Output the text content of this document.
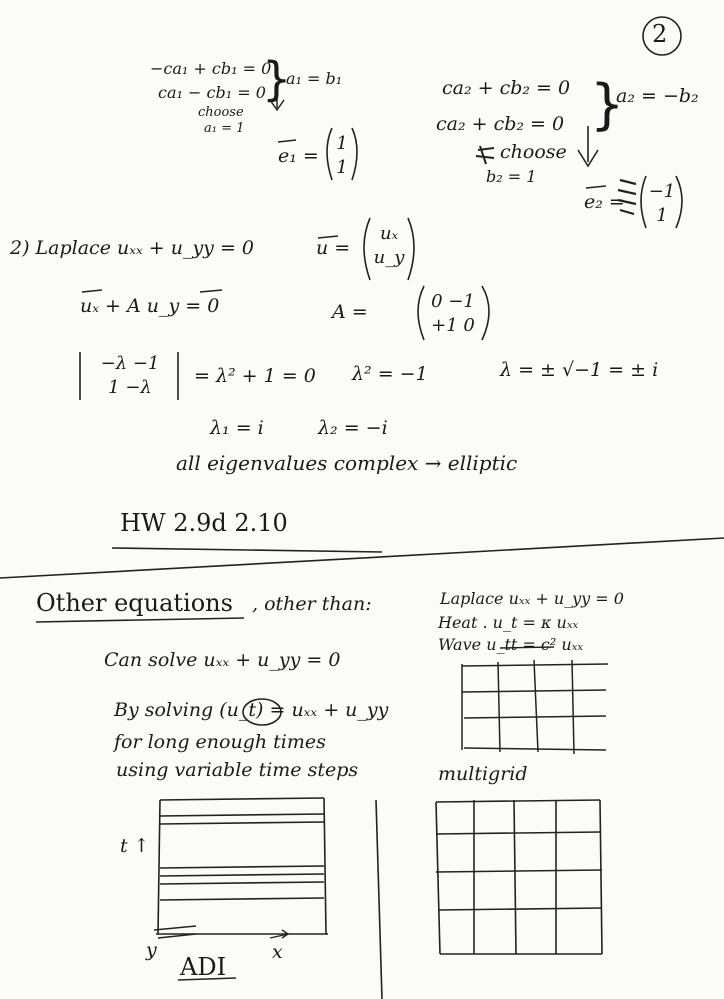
2
−ca₁ + cb₁ = 0
ca₁ − cb₁ = 0
}
a₁ = b₁
choose
a₁ = 1
e₁ =
1
1
ca₂ + cb₂ = 0
ca₂ + cb₂ = 0 }
a₂ = −b₂
choose
b₂ = 1
e₂ = −1
1
2) Laplace uₓₓ + u_yy = 0	u =
uₓ
u_y
uₓ + A u_y = 0	A =	0 −1
+1 0
−λ −1
1 −λ
= λ² + 1 = 0 λ² = −1	λ = ± √−1 = ± i
λ₁ = i	λ₂ = −i
all eigenvalues complex → elliptic
HW 2.9d 2.10
Other equations , other than:	Laplace uₓₓ + u_yy = 0
Heat . u_t = κ uₓₓ
Wave u_tt = c² uₓₓ
Can solve uₓₓ + u_yy = 0
By solving (u_t) = uₓₓ + u_yy
for long enough times
using variable time steps	multigrid
t ↑
y	x
ADI
